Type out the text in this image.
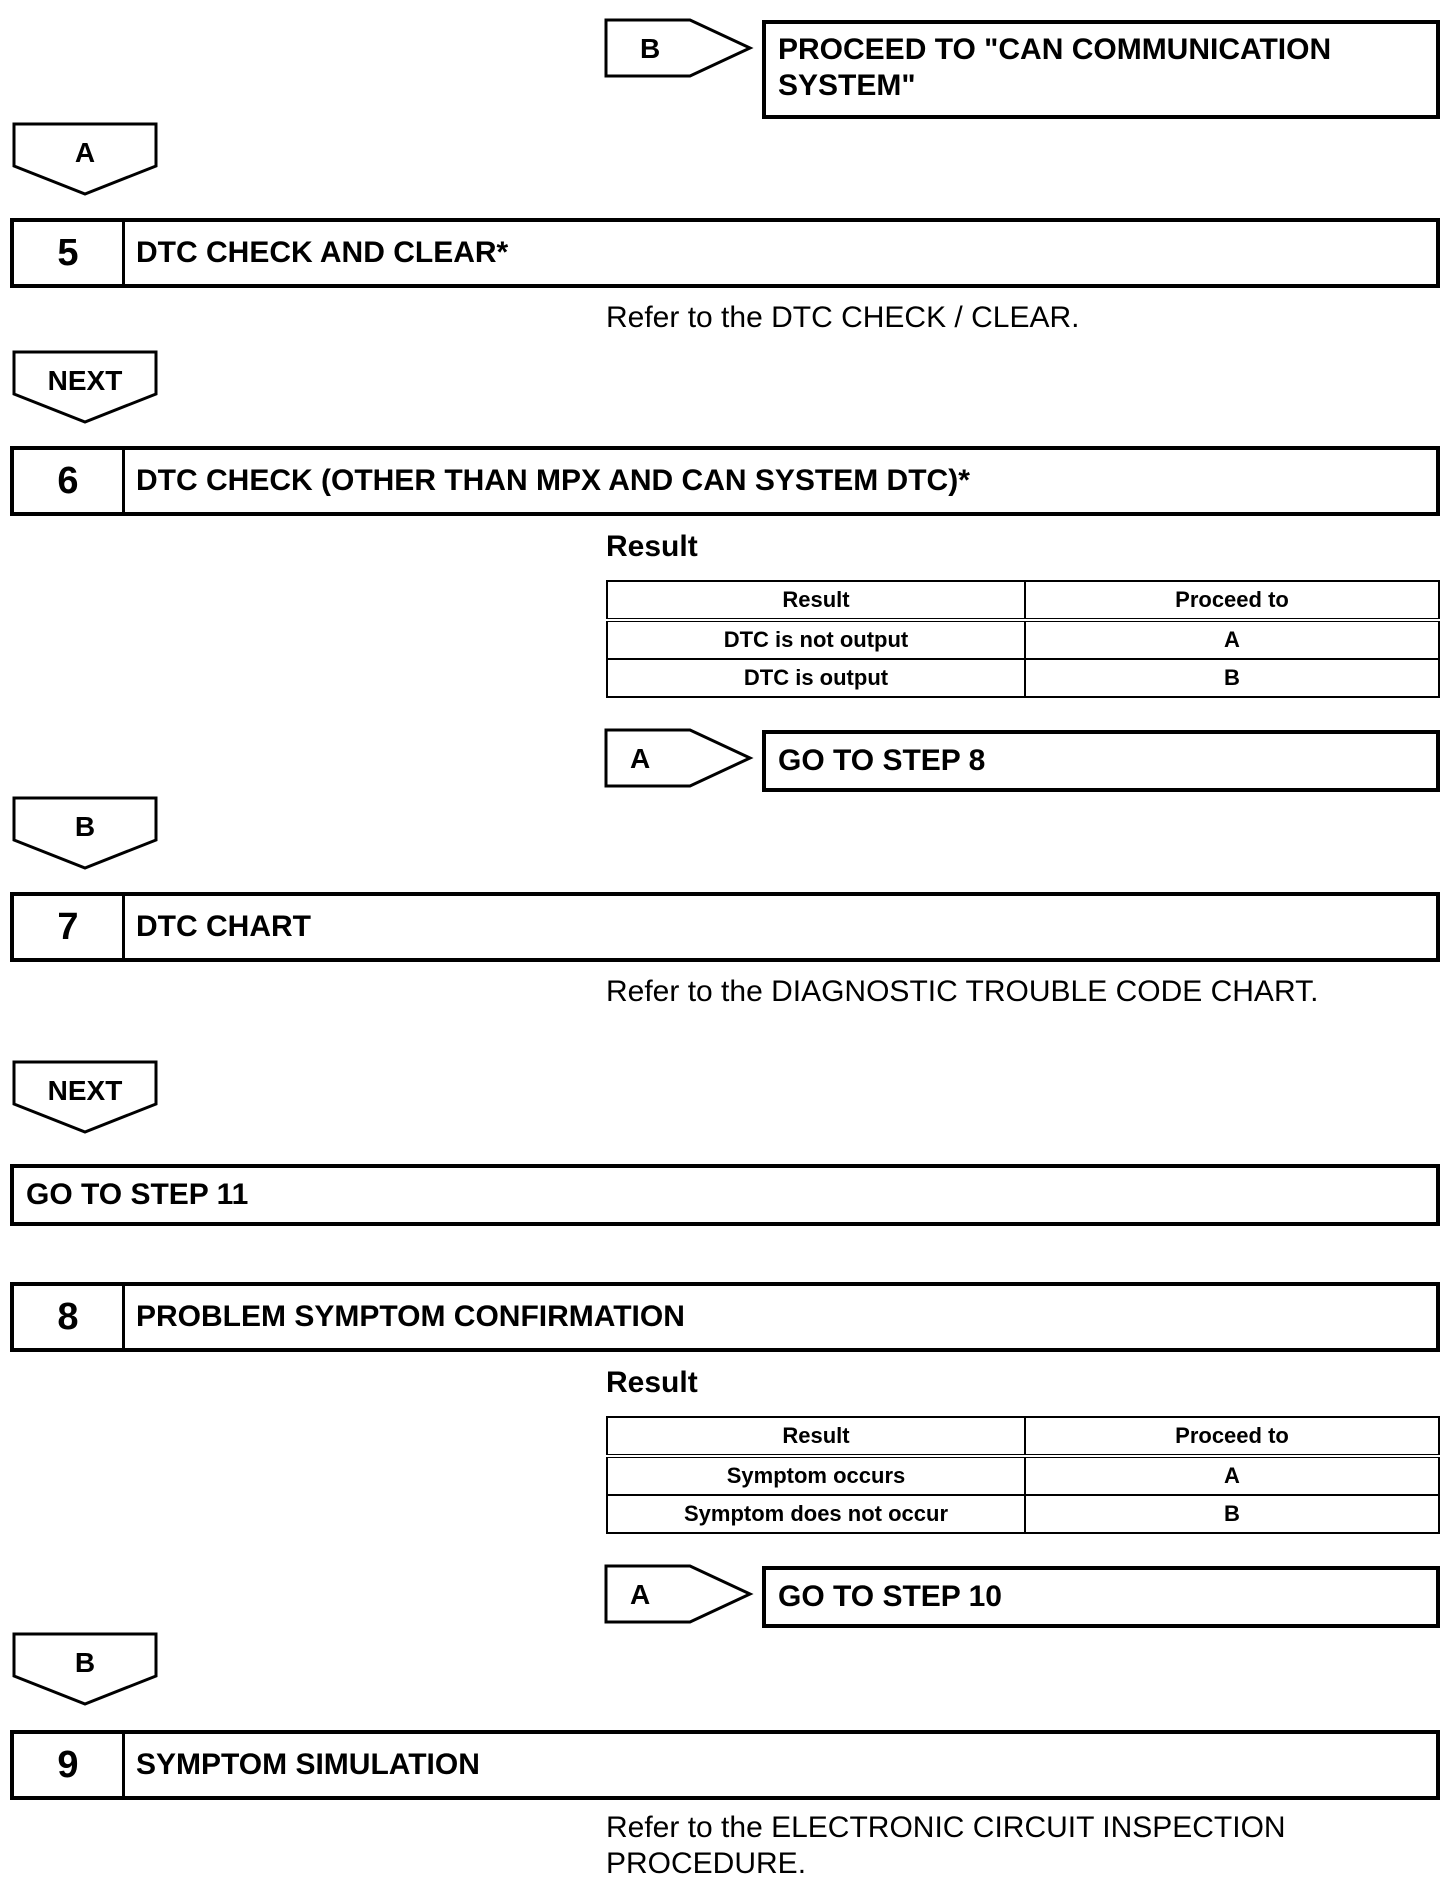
B	PROCEED TO "CAN COMMUNICATION SYSTEM"
A
5	DTC CHECK AND CLEAR*
Refer to the DTC CHECK / CLEAR.
NEXT
6	DTC CHECK (OTHER THAN MPX AND CAN SYSTEM DTC)*
Result
Result	Proceed to
DTC is not output	A
DTC is output	B
A	GO TO STEP 8
B
7	DTC CHART
Refer to the DIAGNOSTIC TROUBLE CODE CHART.
NEXT
GO TO STEP 11
8	PROBLEM SYMPTOM CONFIRMATION
Result
Result	Proceed to
Symptom occurs	A
Symptom does not occur	B
A	GO TO STEP 10
B
9	SYMPTOM SIMULATION
Refer to the ELECTRONIC CIRCUIT INSPECTION PROCEDURE.
